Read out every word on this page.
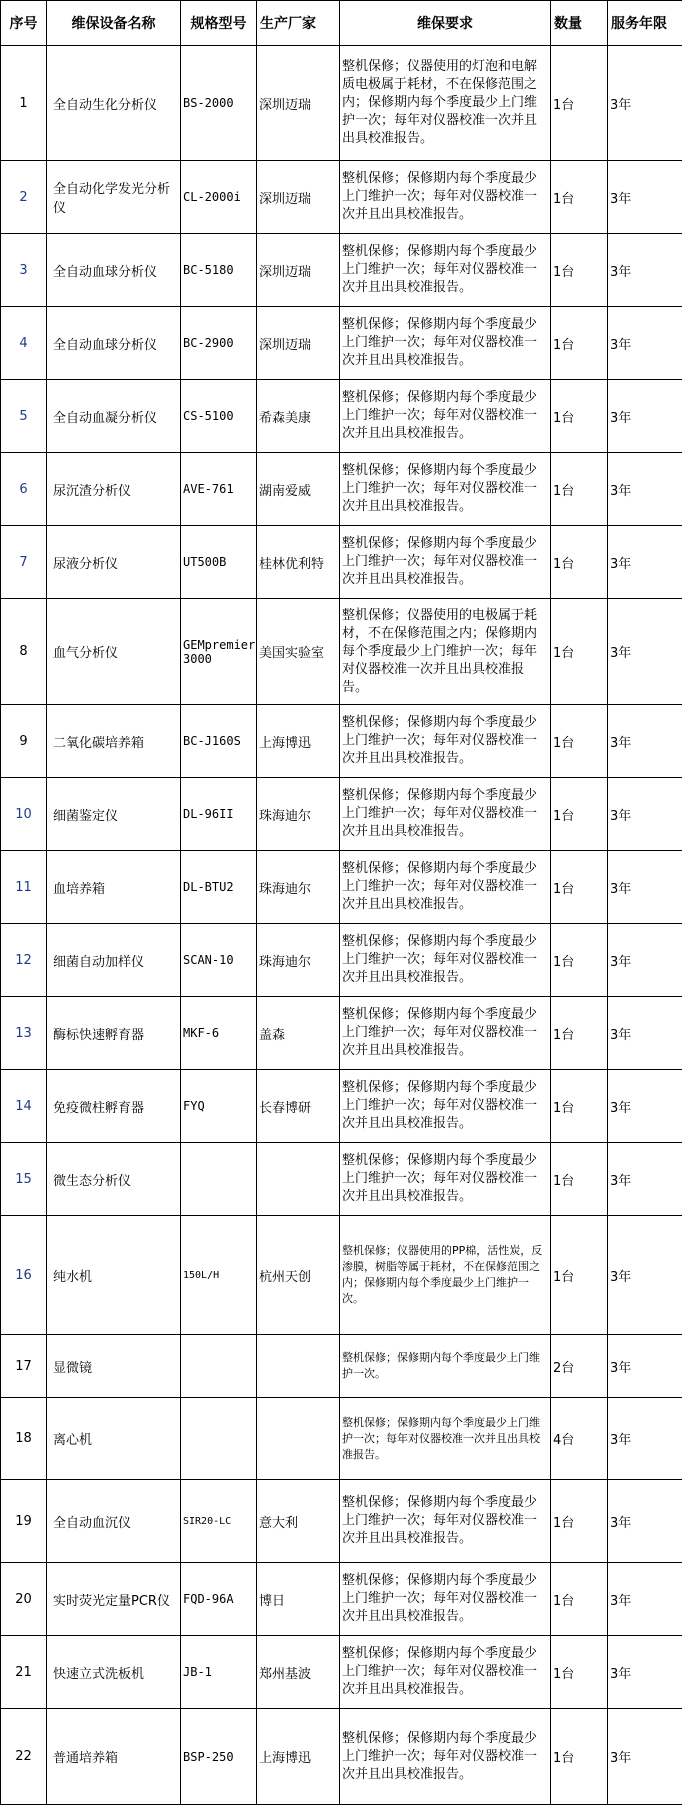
序号	维保设备名称	规格型号	生产厂家	维保要求	数量	服务年限
1	全自动生化分析仪	BS-2000	深圳迈瑞	整机保修；仪器使用的灯泡和电解质电极属于耗材，不在保修范围之内；保修期内每个季度最少上门维护一次；每年对仪器校准一次并且出具校准报告。	1台	3年
2	全自动化学发光分析仪	CL-2000i	深圳迈瑞	整机保修；保修期内每个季度最少上门维护一次；每年对仪器校准一次并且出具校准报告。	1台	3年
3	全自动血球分析仪	BC-5180	深圳迈瑞	整机保修；保修期内每个季度最少上门维护一次；每年对仪器校准一次并且出具校准报告。	1台	3年
4	全自动血球分析仪	BC-2900	深圳迈瑞	整机保修；保修期内每个季度最少上门维护一次；每年对仪器校准一次并且出具校准报告。	1台	3年
5	全自动血凝分析仪	CS-5100	希森美康	整机保修；保修期内每个季度最少上门维护一次；每年对仪器校准一次并且出具校准报告。	1台	3年
6	尿沉渣分析仪	AVE-761	湖南爱威	整机保修；保修期内每个季度最少上门维护一次；每年对仪器校准一次并且出具校准报告。	1台	3年
7	尿液分析仪	UT500B	桂林优利特	整机保修；保修期内每个季度最少上门维护一次；每年对仪器校准一次并且出具校准报告。	1台	3年
8	血气分析仪	GEMpremier3000	美国实验室	整机保修；仪器使用的电极属于耗材，不在保修范围之内；保修期内每个季度最少上门维护一次；每年对仪器校准一次并且出具校准报告。	1台	3年
9	二氧化碳培养箱	BC-J160S	上海博迅	整机保修；保修期内每个季度最少上门维护一次；每年对仪器校准一次并且出具校准报告。	1台	3年
10	细菌鉴定仪	DL-96II	珠海迪尔	整机保修；保修期内每个季度最少上门维护一次；每年对仪器校准一次并且出具校准报告。	1台	3年
11	血培养箱	DL-BTU2	珠海迪尔	整机保修；保修期内每个季度最少上门维护一次；每年对仪器校准一次并且出具校准报告。	1台	3年
12	细菌自动加样仪	SCAN-10	珠海迪尔	整机保修；保修期内每个季度最少上门维护一次；每年对仪器校准一次并且出具校准报告。	1台	3年
13	酶标快速孵育器	MKF-6	盖森	整机保修；保修期内每个季度最少上门维护一次；每年对仪器校准一次并且出具校准报告。	1台	3年
14	免疫微柱孵育器	FYQ	长春博研	整机保修；保修期内每个季度最少上门维护一次；每年对仪器校准一次并且出具校准报告。	1台	3年
15	微生态分析仪			整机保修；保修期内每个季度最少上门维护一次；每年对仪器校准一次并且出具校准报告。	1台	3年
16	纯水机	150L/H	杭州天创	整机保修；仪器使用的PP棉，活性炭，反渗膜，树脂等属于耗材，不在保修范围之内；保修期内每个季度最少上门维护一次。	1台	3年
17	显微镜			整机保修；保修期内每个季度最少上门维护一次。	2台	3年
18	离心机			整机保修；保修期内每个季度最少上门维护一次；每年对仪器校准一次并且出具校准报告。	4台	3年
19	全自动血沉仪	SIR20-LC	意大利	整机保修；保修期内每个季度最少上门维护一次；每年对仪器校准一次并且出具校准报告。	1台	3年
20	实时荧光定量PCR仪	FQD-96A	博日	整机保修；保修期内每个季度最少上门维护一次；每年对仪器校准一次并且出具校准报告。	1台	3年
21	快速立式洗板机	JB-1	郑州基波	整机保修；保修期内每个季度最少上门维护一次；每年对仪器校准一次并且出具校准报告。	1台	3年
22	普通培养箱	BSP-250	上海博迅	整机保修；保修期内每个季度最少上门维护一次；每年对仪器校准一次并且出具校准报告。	1台	3年
